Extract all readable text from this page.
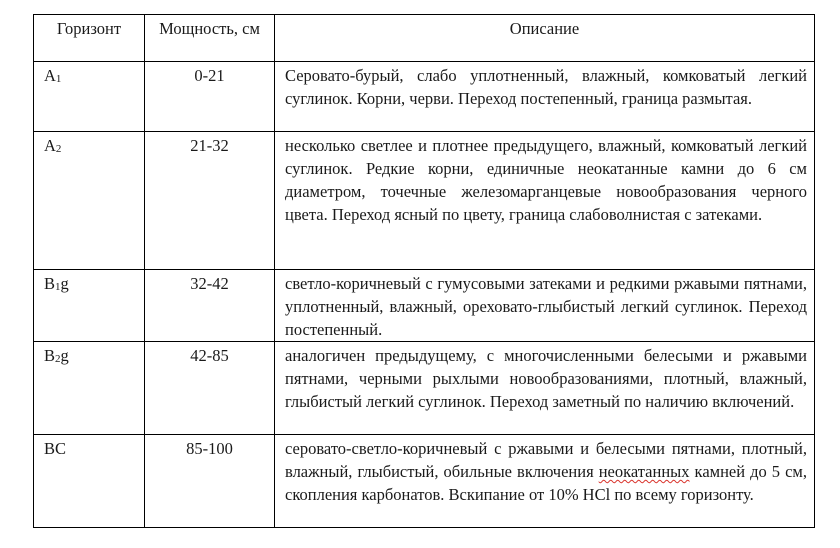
Горизонт	Мощность, см	Описание
$A_1$	0-21	Серовато-бурый, слабо уплотненный, влажный, комковатый легкий суглинок. Корни, черви. Переход постепенный, граница размытая.
$A_2$	21-32	несколько светлее и плотнее предыдущего, влажный, комковатый легкий суглинок. Редкие корни, единичные неокатанные камни до 6 см диаметром, точечные железомарганцевые новообразования черного цвета. Переход ясный по цвету, граница слабоволнистая с затеками.
$B_1g$	32-42	светло-коричневый с гумусовыми затеками и редкими ржавыми пятнами, уплотненный, влажный, ореховато-глыбистый легкий суглинок. Переход постепенный.
$B_2g$	42-85	аналогичен предыдущему, с многочисленными белесыми и ржавыми пятнами, черными рыхлыми новообразованиями, плотный, влажный, глыбистый легкий суглинок. Переход заметный по наличию включений.
BC	85-100	серовато-светло-коричневый с ржавыми и белесыми пятнами, плотный, влажный, глыбистый, обильные включения неокатанных камней до 5 см, скопления карбонатов. Вскипание от 10% HCl по всему горизонту.
